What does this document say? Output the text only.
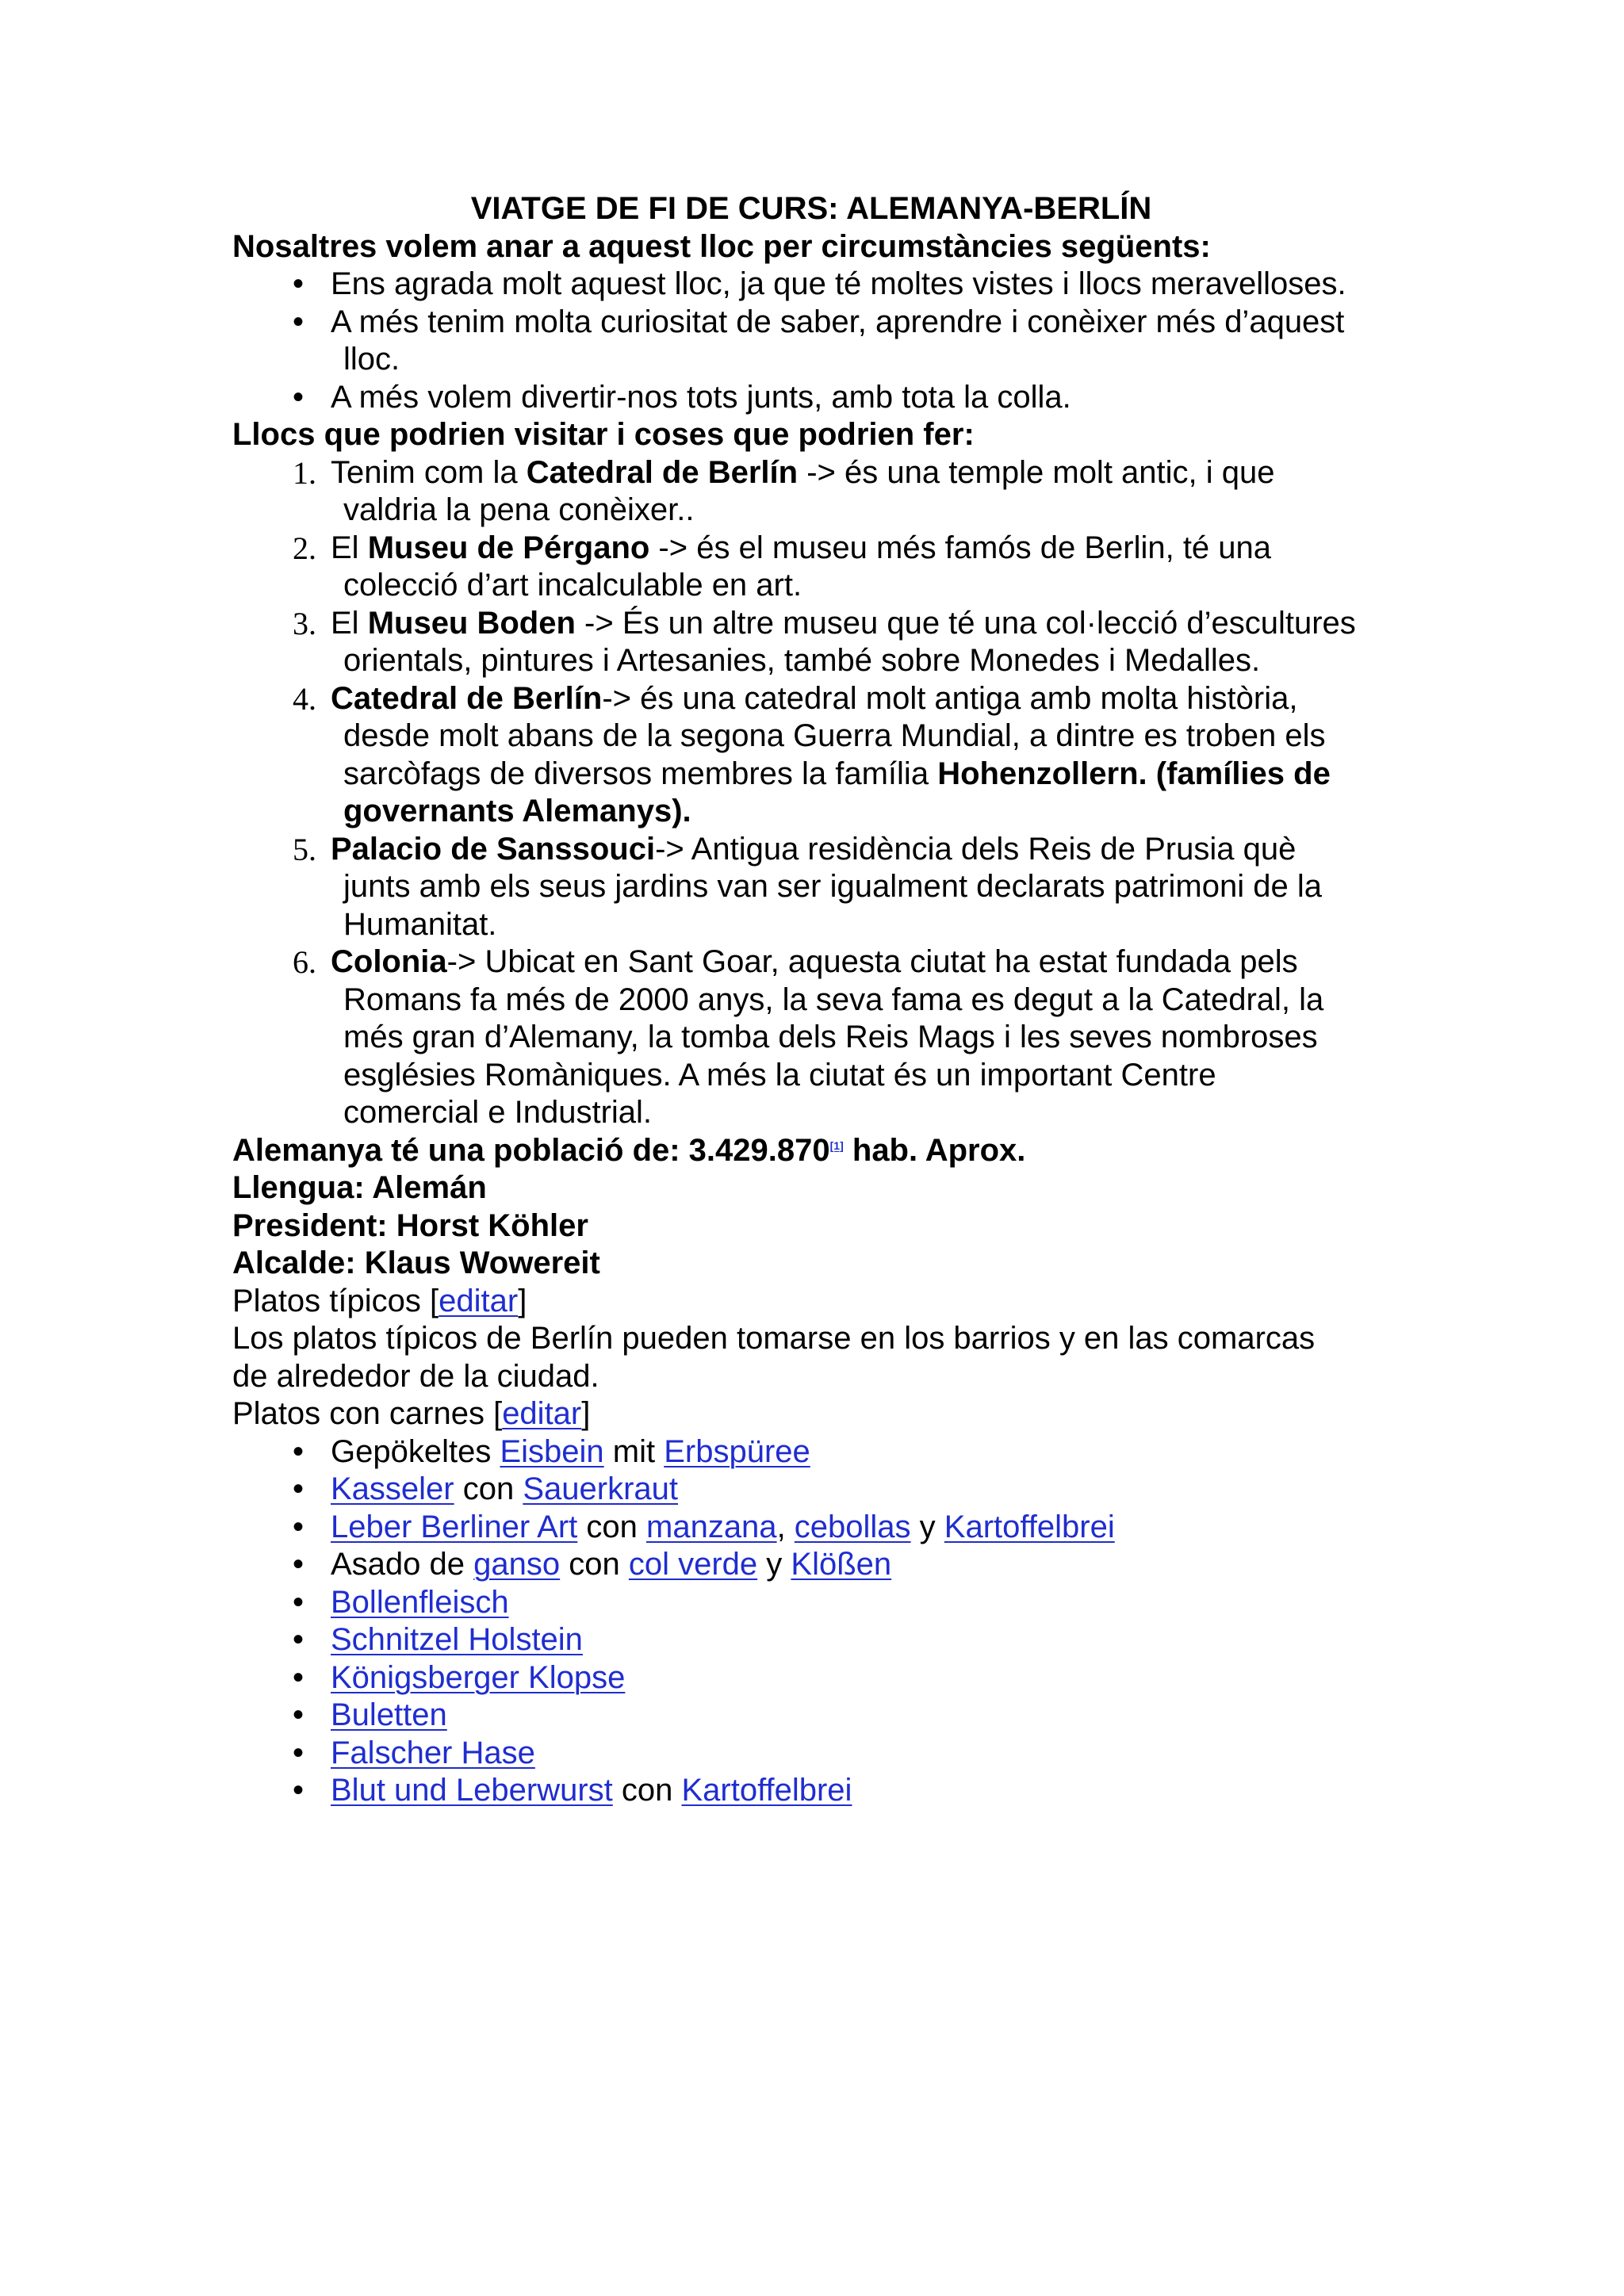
VIATGE DE FI DE CURS: ALEMANYA-BERLÍN
Nosaltres volem anar a aquest lloc per circumstàncies següents:
• Ens agrada molt aquest lloc, ja que té moltes vistes i llocs meravelloses.
• A més tenim molta curiositat de saber, aprendre i conèixer més d’aquest
lloc.
• A més volem divertir-nos tots junts, amb tota la colla.
Llocs que podrien visitar i coses que podrien fer:
1. Tenim com la Catedral de Berlín -> és una temple molt antic, i que
valdria la pena conèixer..
2. El Museu de Pérgano -> és el museu més famós de Berlin, té una
colecció d’art incalculable en art.
3. El Museu Boden -> És un altre museu que té una col·lecció d’escultures
orientals, pintures i Artesanies, també sobre Monedes i Medalles.
4. Catedral de Berlín-> és una catedral molt antiga amb molta història,
desde molt abans de la segona Guerra Mundial, a dintre es troben els
sarcòfags de diversos membres la família Hohenzollern. (famílies de
governants Alemanys).
5. Palacio de Sanssouci-> Antigua residència dels Reis de Prusia què
junts amb els seus jardins van ser igualment declarats patrimoni de la
Humanitat.
6. Colonia-> Ubicat en Sant Goar, aquesta ciutat ha estat fundada pels
Romans fa més de 2000 anys, la seva fama es degut a la Catedral, la
més gran d’Alemany, la tomba dels Reis Mags i les seves nombroses
esglésies Romàniques. A més la ciutat és un important Centre
comercial e Industrial.
Alemanya té una població de: 3.429.870[1] hab. Aprox.
Llengua: Alemán
President: Horst Köhler
Alcalde: Klaus Wowereit
Platos típicos [editar]
Los platos típicos de Berlín pueden tomarse en los barrios y en las comarcas
de alrededor de la ciudad.
Platos con carnes [editar]
• Gepökeltes Eisbein mit Erbspüree
• Kasseler con Sauerkraut
• Leber Berliner Art con manzana, cebollas y Kartoffelbrei
• Asado de ganso con col verde y Klößen
• Bollenfleisch
• Schnitzel Holstein
• Königsberger Klopse
• Buletten
• Falscher Hase
• Blut und Leberwurst con Kartoffelbrei
